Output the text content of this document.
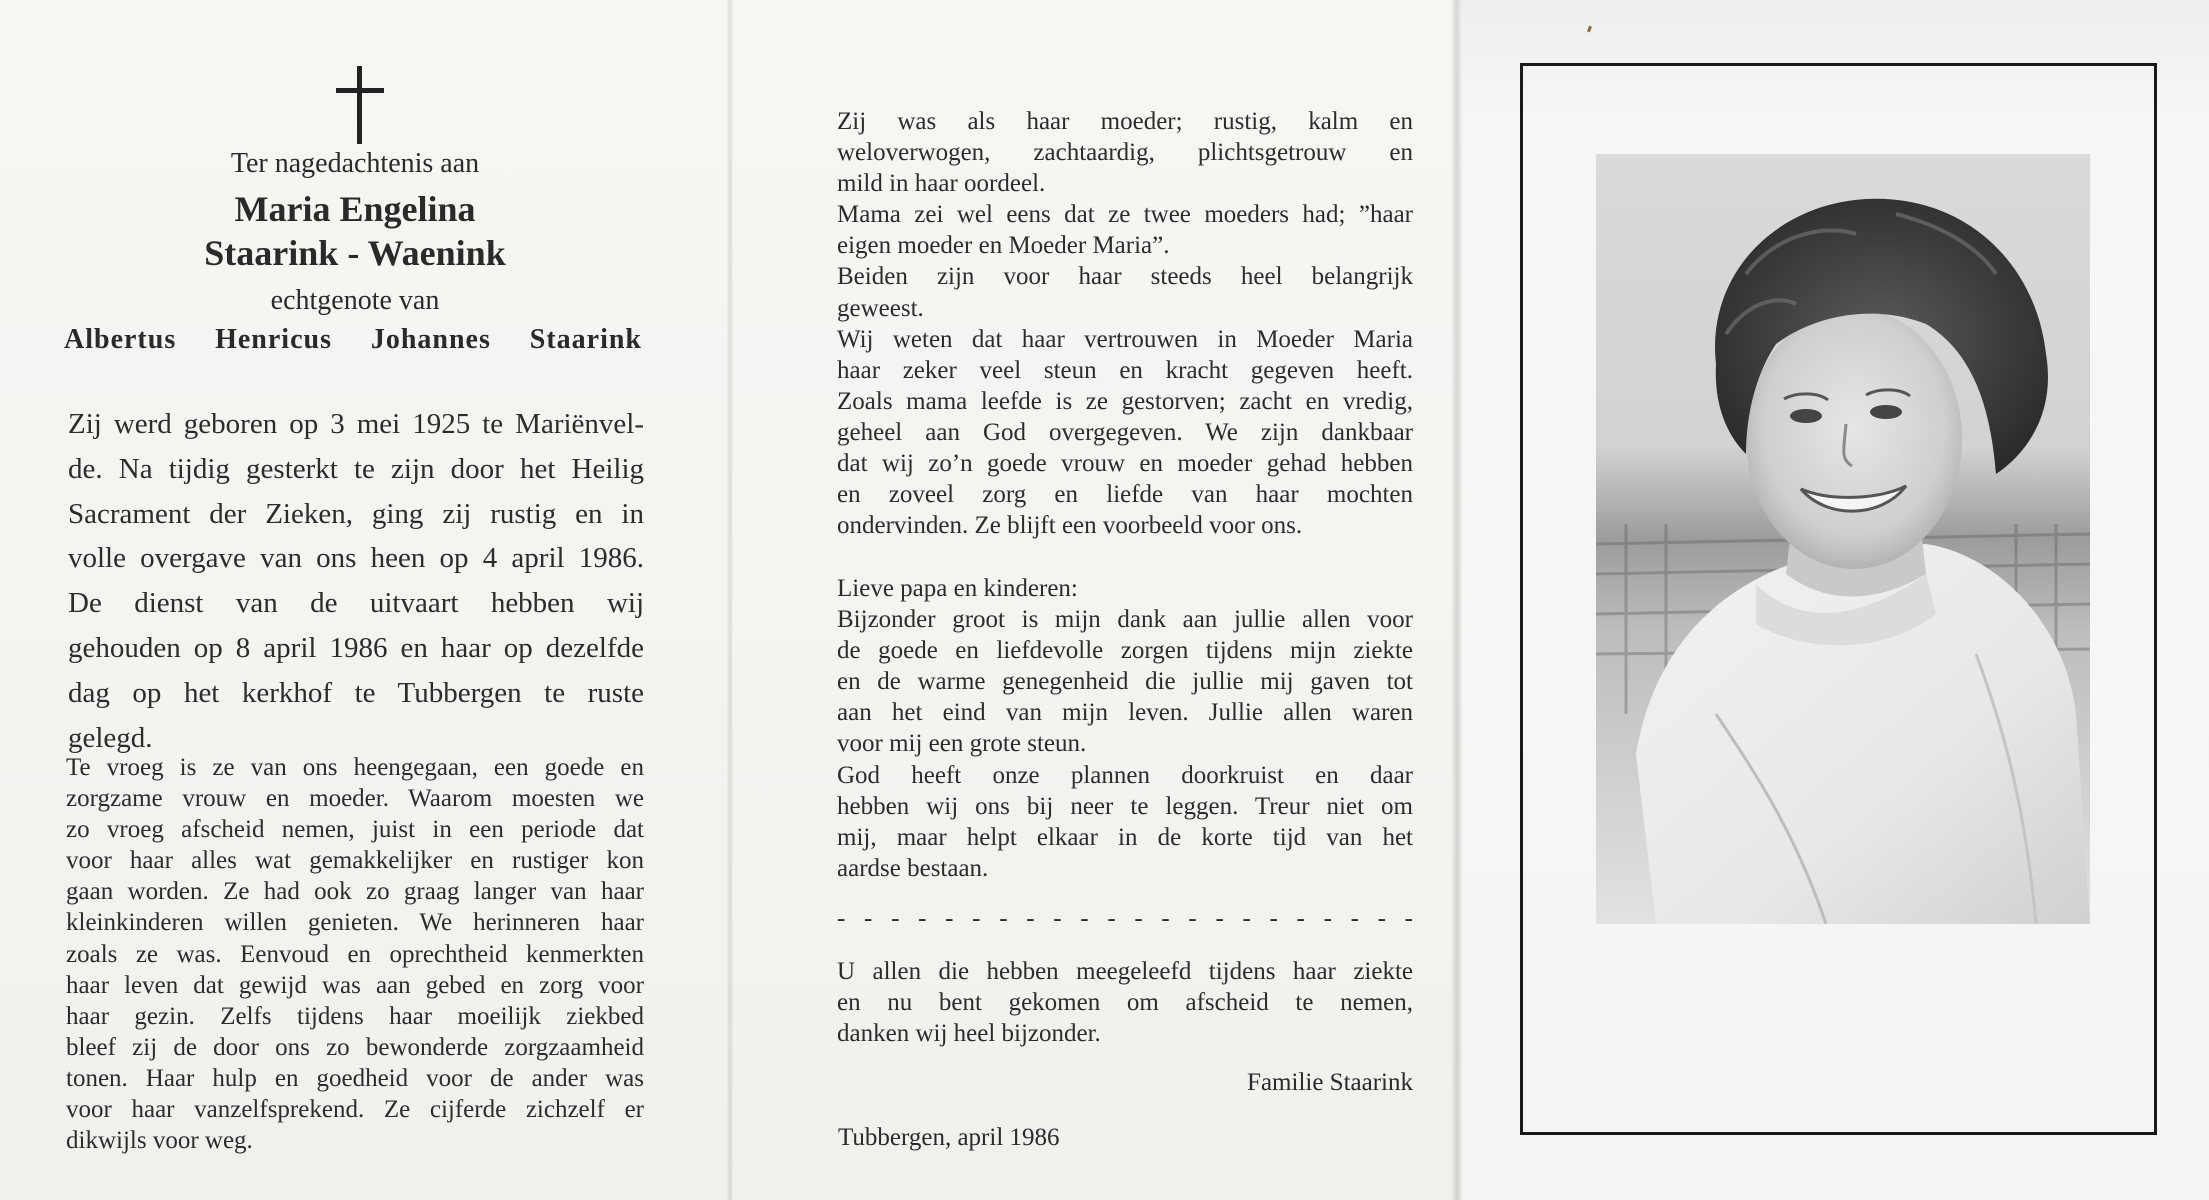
Ter nagedachtenis aan
Maria Engelina
Staarink - Waenink
echtgenote van
Albertus Henricus Johannes Staarink
Zij werd geboren op 3 mei 1925 te Mariënvel-
de. Na tijdig gesterkt te zijn door het Heilig
Sacrament der Zieken, ging zij rustig en in
volle overgave van ons heen op 4 april 1986.
De dienst van de uitvaart hebben wij
gehouden op 8 april 1986 en haar op dezelfde
dag op het kerkhof te Tubbergen te ruste
gelegd.
Te vroeg is ze van ons heengegaan, een goede en
zorgzame vrouw en moeder. Waarom moesten we
zo vroeg afscheid nemen, juist in een periode dat
voor haar alles wat gemakkelijker en rustiger kon
gaan worden. Ze had ook zo graag langer van haar
kleinkinderen willen genieten. We herinneren haar
zoals ze was. Eenvoud en oprechtheid kenmerkten
haar leven dat gewijd was aan gebed en zorg voor
haar gezin. Zelfs tijdens haar moeilijk ziekbed
bleef zij de door ons zo bewonderde zorgzaamheid
tonen. Haar hulp en goedheid voor de ander was
voor haar vanzelfsprekend. Ze cijferde zichzelf er
dikwijls voor weg.
Zij was als haar moeder; rustig, kalm en
weloverwogen, zachtaardig, plichtsgetrouw en
mild in haar oordeel.
Mama zei wel eens dat ze twee moeders had; ”haar
eigen moeder en Moeder Maria”.
Beiden zijn voor haar steeds heel belangrijk
geweest.
Wij weten dat haar vertrouwen in Moeder Maria
haar zeker veel steun en kracht gegeven heeft.
Zoals mama leefde is ze gestorven; zacht en vredig,
geheel aan God overgegeven. We zijn dankbaar
dat wij zo’n goede vrouw en moeder gehad hebben
en zoveel zorg en liefde van haar mochten
ondervinden. Ze blijft een voorbeeld voor ons.
Lieve papa en kinderen:
Bijzonder groot is mijn dank aan jullie allen voor
de goede en liefdevolle zorgen tijdens mijn ziekte
en de warme genegenheid die jullie mij gaven tot
aan het eind van mijn leven. Jullie allen waren
voor mij een grote steun.
God heeft onze plannen doorkruist en daar
hebben wij ons bij neer te leggen. Treur niet om
mij, maar helpt elkaar in de korte tijd van het
aardse bestaan.
- - - - - - - - - - - - - - - - - - - - - -
U allen die hebben meegeleefd tijdens haar ziekte
en nu bent gekomen om afscheid te nemen,
danken wij heel bijzonder.
Familie Staarink
Tubbergen, april 1986
